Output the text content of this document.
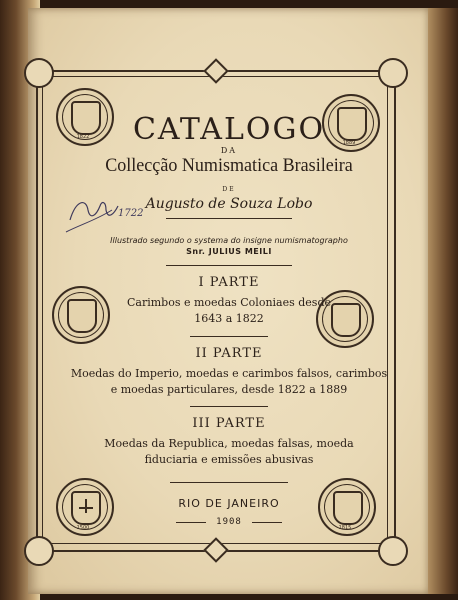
1822
1889
1500	1815
1722
CATALOGO
DA
Collecção Numismatica Brasileira
DE
Augusto de Souza Lobo
Illustrado segundo o systema do insigne numismatographo
Snr. JULIUS MEILI
I PARTE
Carimbos e moedas Coloniaes desde
1643 a 1822
II PARTE
Moedas do Imperio, moedas e carimbos falsos, carimbos
e moedas particulares, desde 1822 a 1889
III PARTE
Moedas da Republica, moedas falsas, moeda
fiduciaria e emissões abusivas
RIO DE JANEIRO
1908
